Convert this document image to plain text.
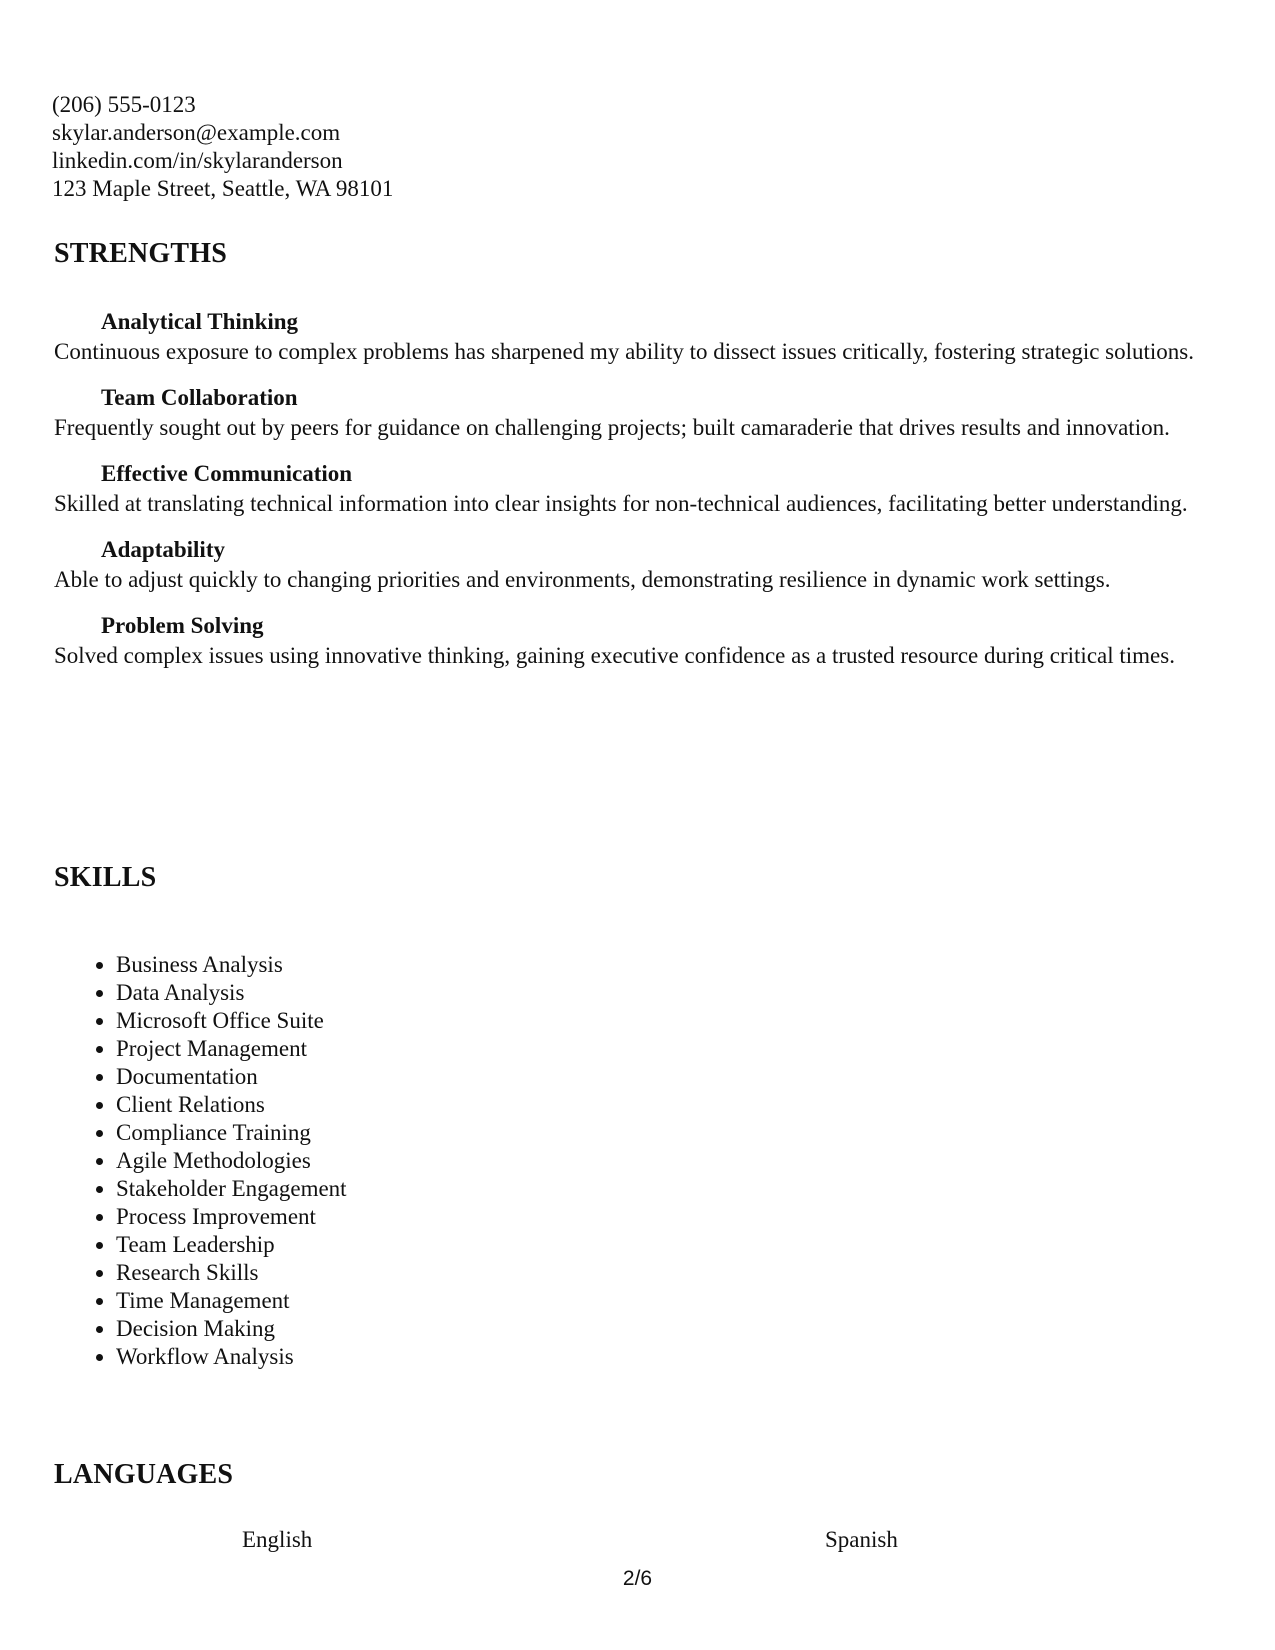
(206) 555-0123
skylar.anderson@example.com
linkedin.com/in/skylaranderson
123 Maple Street, Seattle, WA 98101
STRENGTHS
Analytical Thinking
Continuous exposure to complex problems has sharpened my ability to dissect issues critically, fostering strategic solutions.
Team Collaboration
Frequently sought out by peers for guidance on challenging projects; built camaraderie that drives results and innovation.
Effective Communication
Skilled at translating technical information into clear insights for non-technical audiences, facilitating better understanding.
Adaptability
Able to adjust quickly to changing priorities and environments, demonstrating resilience in dynamic work settings.
Problem Solving
Solved complex issues using innovative thinking, gaining executive confidence as a trusted resource during critical times.
SKILLS
• Business Analysis
• Data Analysis
• Microsoft Office Suite
• Project Management
• Documentation
• Client Relations
• Compliance Training
• Agile Methodologies
• Stakeholder Engagement
• Process Improvement
• Team Leadership
• Research Skills
• Time Management
• Decision Making
• Workflow Analysis
LANGUAGES
English	Spanish
2/6
